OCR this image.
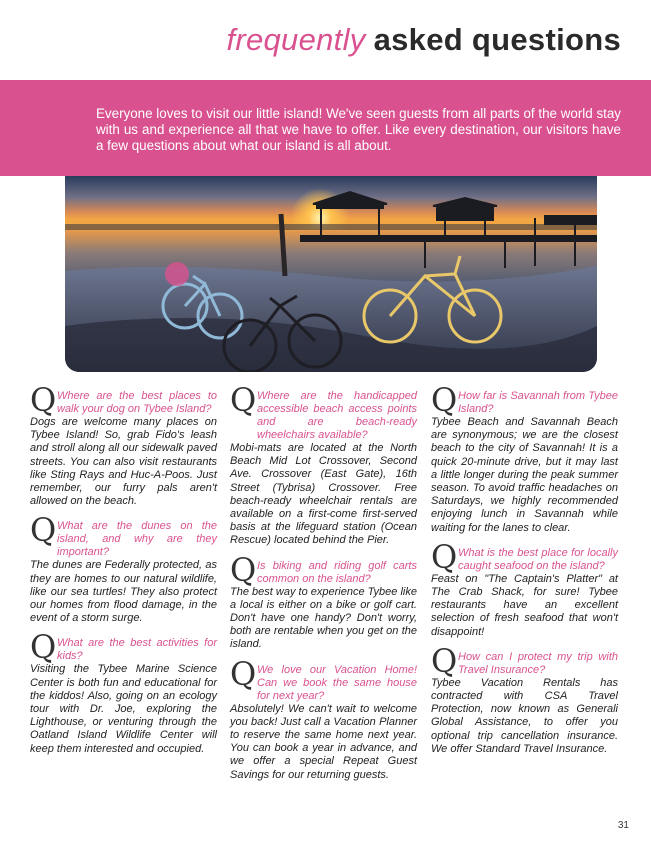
frequently asked questions

Everyone loves to visit our little island! We've seen guests from all parts of the world stay with us and experience all that we have to offer. Like every destination, our visitors have a few questions about what our island is all about.

Q Where are the best places to walk your dog on Tybee Island?
Dogs are welcome many places on Tybee Island! So, grab Fido's leash and stroll along all our sidewalk paved streets. You can also visit restaurants like Sting Rays and Huc-A-Poos. Just remember, our furry pals aren't allowed on the beach.
Q What are the dunes on the island, and why are they important?
The dunes are Federally protected, as they are homes to our natural wildlife, like our sea turtles! They also protect our homes from flood damage, in the event of a storm surge.
Q What are the best activities for kids?
Visiting the Tybee Marine Science Center is both fun and educational for the kiddos! Also, going on an ecology tour with Dr. Joe, exploring the Lighthouse, or venturing through the Oatland Island Wildlife Center will keep them interested and occupied.
Q Where are the handicapped accessible beach access points and are beach-ready wheelchairs available?
Mobi-mats are located at the North Beach Mid Lot Crossover, Second Ave. Crossover (East Gate), 16th Street (Tybrisa) Crossover. Free beach-ready wheelchair rentals are available on a first-come first-served basis at the lifeguard station (Ocean Rescue) located behind the Pier.
Q Is biking and riding golf carts common on the island?
The best way to experience Tybee like a local is either on a bike or golf cart. Don't have one handy? Don't worry, both are rentable when you get on the island.
Q We love our Vacation Home! Can we book the same house for next year?
Absolutely! We can't wait to welcome you back! Just call a Vacation Planner to reserve the same home next year. You can book a year in advance, and we offer a special Repeat Guest Savings for our returning guests.
Q How far is Savannah from Tybee Island?
Tybee Beach and Savannah Beach are synonymous; we are the closest beach to the city of Savannah! It is a quick 20-minute drive, but it may last a little longer during the peak summer season. To avoid traffic headaches on Saturdays, we highly recommended enjoying lunch in Savannah while waiting for the lanes to clear.
Q What is the best place for locally caught seafood on the island?
Feast on "The Captain's Platter" at The Crab Shack, for sure! Tybee restaurants have an excellent selection of fresh seafood that won't disappoint!
Q How can I protect my trip with Travel Insurance?
Tybee Vacation Rentals has contracted with CSA Travel Protection, now known as Generali Global Assistance, to offer you optional trip cancellation insurance. We offer Standard Travel Insurance.
31
